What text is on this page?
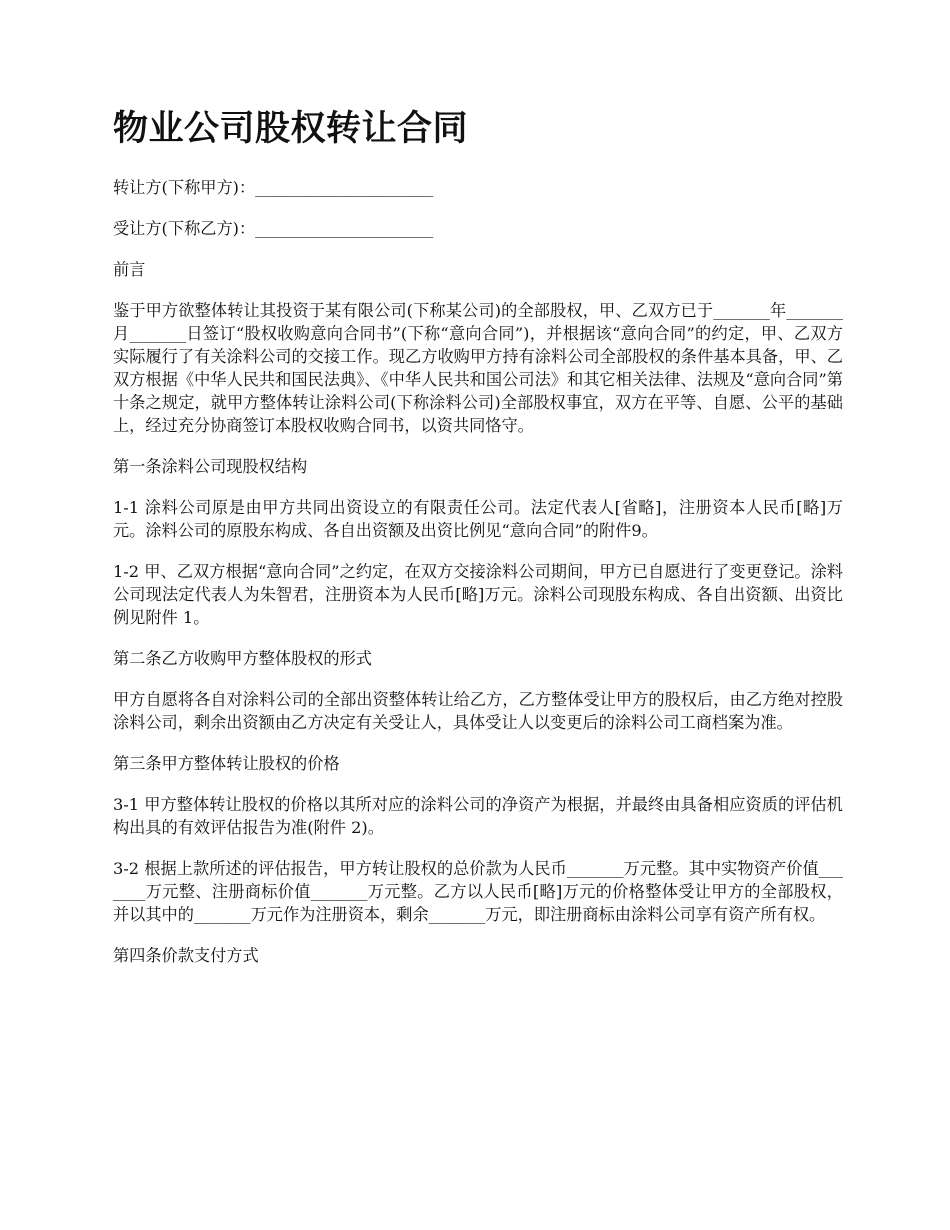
物业公司股权转让合同

转让方(下称甲方)：______________________

受让方(下称乙方)：______________________

前言

鉴于甲方欲整体转让其投资于某有限公司(下称某公司)的全部股权，甲、乙双方已于_______年_______月_______日签订“股权收购意向合同书”(下称“意向合同”)，并根据该“意向合同”的约定，甲、乙双方实际履行了有关涂料公司的交接工作。现乙方收购甲方持有涂料公司全部股权的条件基本具备，甲、乙双方根据《中华人民共和国民法典》、《中华人民共和国公司法》和其它相关法律、法规及“意向合同”第十条之规定，就甲方整体转让涂料公司(下称涂料公司)全部股权事宜，双方在平等、自愿、公平的基础上，经过充分协商签订本股权收购合同书，以资共同恪守。

第一条涂料公司现股权结构

1-1 涂料公司原是由甲方共同出资设立的有限责任公司。法定代表人[省略]，注册资本人民币[略]万元。涂料公司的原股东构成、各自出资额及出资比例见“意向合同”的附件9。

1-2 甲、乙双方根据“意向合同”之约定，在双方交接涂料公司期间，甲方已自愿进行了变更登记。涂料公司现法定代表人为朱智君，注册资本为人民币[略]万元。涂料公司现股东构成、各自出资额、出资比例见附件 1。

第二条乙方收购甲方整体股权的形式

甲方自愿将各自对涂料公司的全部出资整体转让给乙方，乙方整体受让甲方的股权后，由乙方绝对控股涂料公司，剩余出资额由乙方决定有关受让人，具体受让人以变更后的涂料公司工商档案为准。

第三条甲方整体转让股权的价格

3-1 甲方整体转让股权的价格以其所对应的涂料公司的净资产为根据，并最终由具备相应资质的评估机构出具的有效评估报告为准(附件 2)。

3-2 根据上款所述的评估报告，甲方转让股权的总价款为人民币_______万元整。其中实物资产价值_______万元整、注册商标价值_______万元整。乙方以人民币[略]万元的价格整体受让甲方的全部股权，并以其中的_______万元作为注册资本，剩余_______万元，即注册商标由涂料公司享有资产所有权。

第四条价款支付方式
